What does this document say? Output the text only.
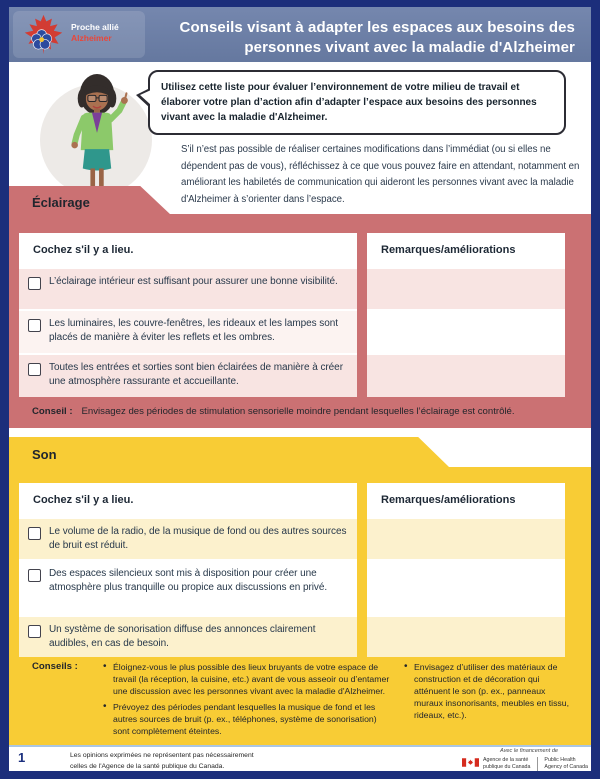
Proche allié
Alzheimer
Conseils visant à adapter les espaces aux besoins des
personnes vivant avec la maladie d'Alzheimer
Utilisez cette liste pour évaluer l’environnement de votre milieu de travail et élaborer votre plan d’action afin d’adapter l’espace aux besoins des personnes vivant avec la maladie d'Alzheimer.
S’il n’est pas possible de réaliser certaines modifications dans l’immédiat (ou si elles ne dépendent pas de vous), réfléchissez à ce que vous pouvez faire en attendant, notamment en améliorant les habiletés de communication qui aideront les personnes vivant avec la maladie d'Alzheimer à s’orienter dans l’espace.
Éclairage
Cochez s'il y a lieu.
L’éclairage intérieur est suffisant pour assurer une bonne visibilité.
Les luminaires, les couvre-fenêtres, les rideaux et les lampes sont placés de manière à éviter les reflets et les ombres.
Toutes les entrées et sorties sont bien éclairées de manière à créer une atmosphère rassurante et accueillante.
Remarques/améliorations
Conseil : Envisagez des périodes de stimulation sensorielle moindre pendant lesquelles l’éclairage est contrôlé.
Son
Cochez s'il y a lieu.
Le volume de la radio, de la musique de fond ou des autres sources de bruit est réduit.
Des espaces silencieux sont mis à disposition pour créer une atmosphère plus tranquille ou propice aux discussions en privé.
Un système de sonorisation diffuse des annonces clairement audibles, en cas de besoin.
Remarques/améliorations
Conseils :	• Éloignez-vous le plus possible des lieux bruyants de votre espace de travail (la réception, la cuisine, etc.) avant de vous asseoir ou d’entamer une discussion avec les personnes vivant avec la maladie d'Alzheimer.
• Prévoyez des périodes pendant lesquelles la musique de fond et les autres sources de bruit (p. ex., téléphones, système de sonorisation) sont complètement éteintes.
• Envisagez d’utiliser des matériaux de construction et de décoration qui atténuent le son (p. ex., panneaux muraux insonorisants, meubles en tissu, rideaux, etc.).
1	Les opinions exprimées ne représentent pas nécessairement
celles de l'Agence de la santé publique du Canada.
Avec le financement de
Agence de la santé
publique du Canada
Public Health
Agency of Canada
